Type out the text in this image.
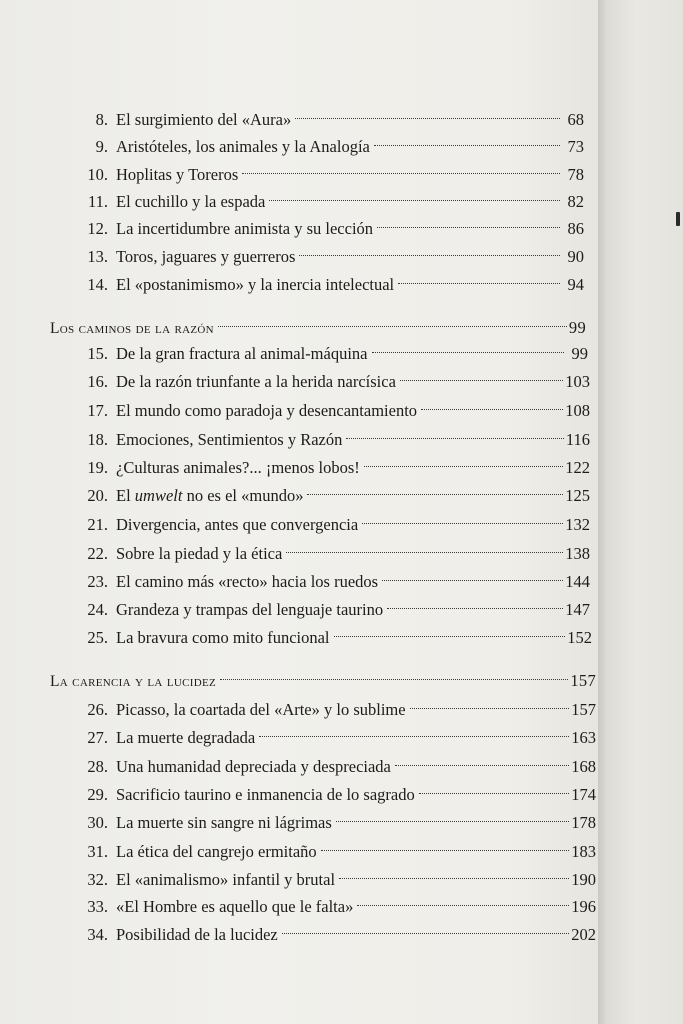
8. El surgimiento del «Aura»	68
9. Aristóteles, los animales y la Analogía	73
10. Hoplitas y Toreros	78
11. El cuchillo y la espada	82
12. La incertidumbre animista y su lección	86
13. Toros, jaguares y guerreros	90
14. El «postanimismo» y la inercia intelectual	94
Los caminos de la razón	99
15. De la gran fractura al animal-máquina	99
16. De la razón triunfante a la herida narcísica	103
17. El mundo como paradoja y desencantamiento	108
18. Emociones, Sentimientos y Razón	116
19. ¿Culturas animales?... ¡menos lobos!	122
20. El umwelt no es el «mundo»	125
21. Divergencia, antes que convergencia	132
22. Sobre la piedad y la ética	138
23. El camino más «recto» hacia los ruedos	144
24. Grandeza y trampas del lenguaje taurino	147
25. La bravura como mito funcional	152
La carencia y la lucidez	157
26. Picasso, la coartada del «Arte» y lo sublime	157
27. La muerte degradada	163
28. Una humanidad depreciada y despreciada	168
29. Sacrificio taurino e inmanencia de lo sagrado	174
30. La muerte sin sangre ni lágrimas	178
31. La ética del cangrejo ermitaño	183
32. El «animalismo» infantil y brutal	190
33. «El Hombre es aquello que le falta»	196
34. Posibilidad de la lucidez	202
